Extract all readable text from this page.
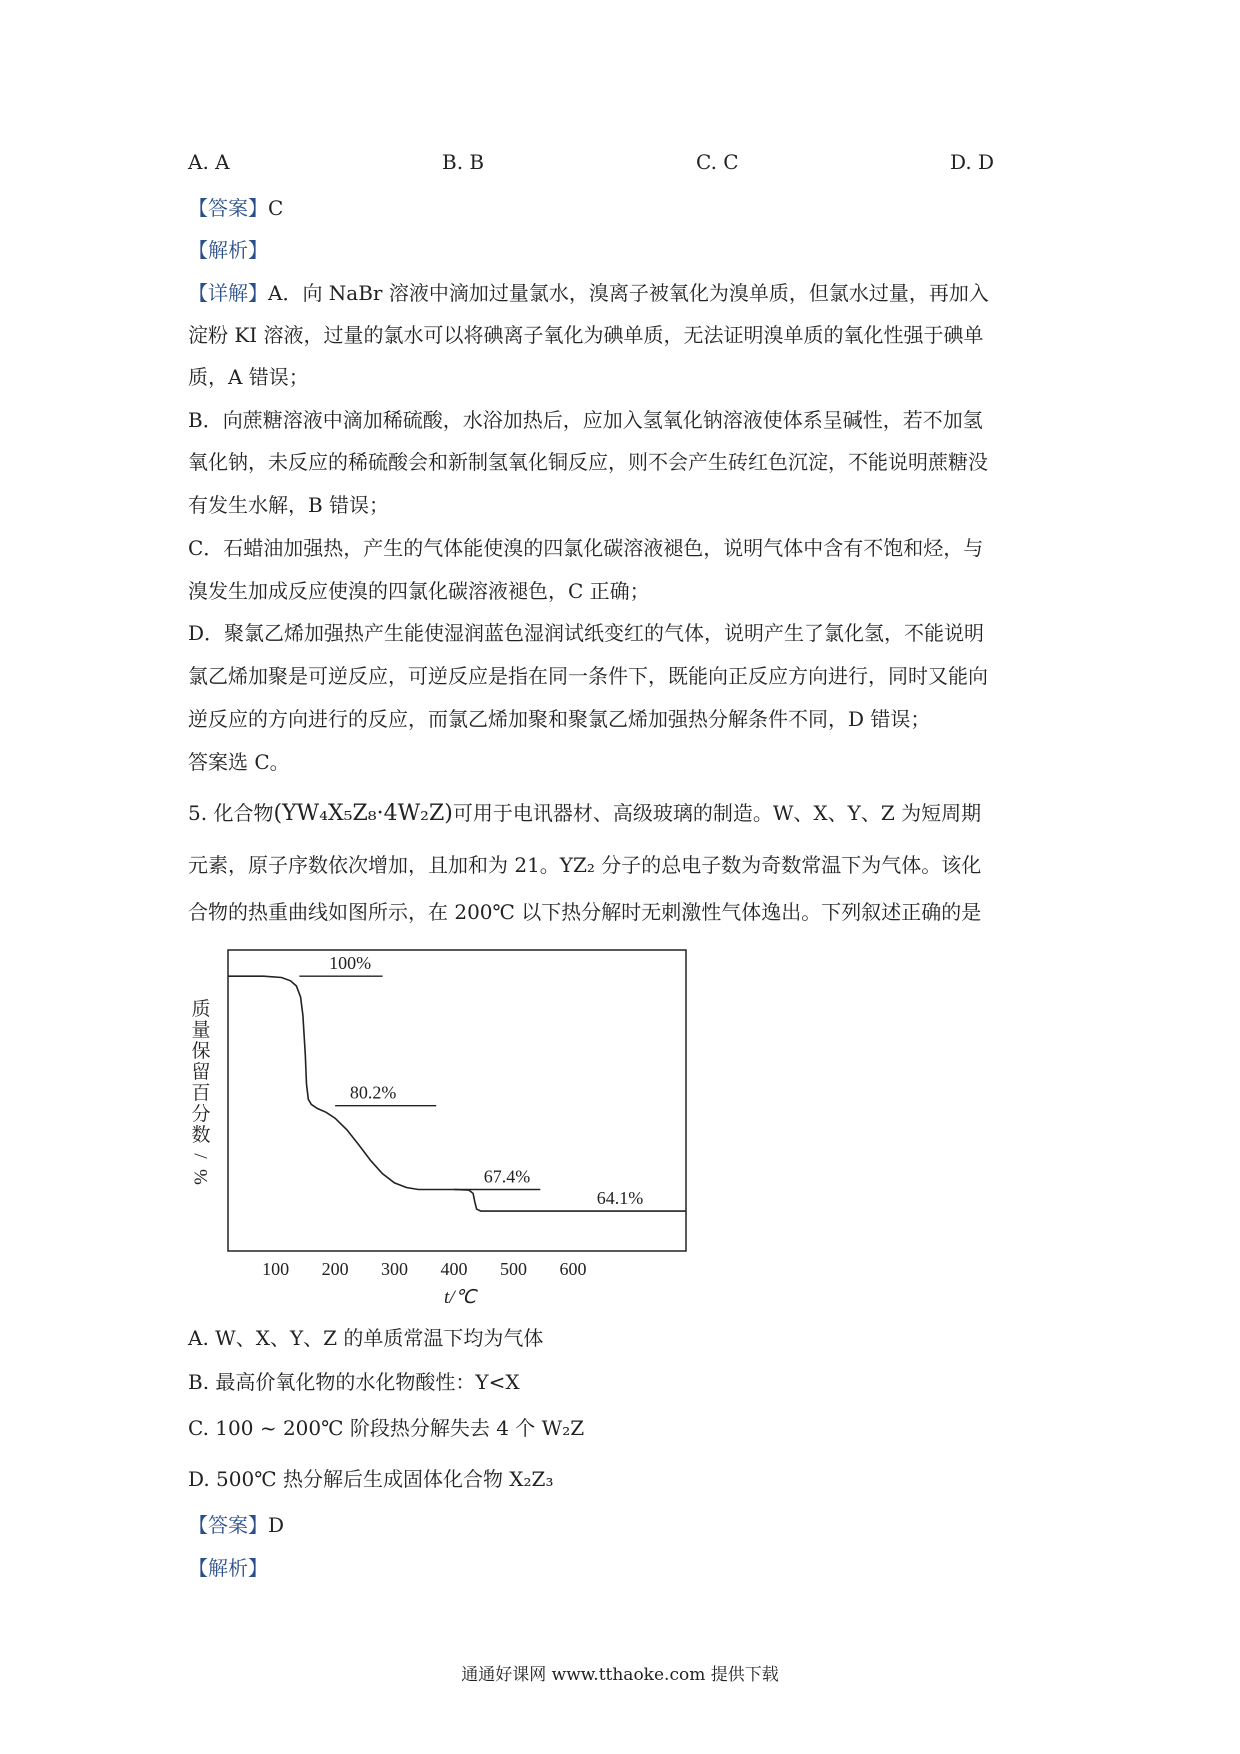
A. A	B. B	C. C	D. D
【答案】C
【解析】
【详解】A．向 NaBr 溶液中滴加过量氯水，溴离子被氧化为溴单质，但氯水过量，再加入
淀粉 KI 溶液，过量的氯水可以将碘离子氧化为碘单质，无法证明溴单质的氧化性强于碘单
质，A 错误；
B．向蔗糖溶液中滴加稀硫酸，水浴加热后，应加入氢氧化钠溶液使体系呈碱性，若不加氢
氧化钠，未反应的稀硫酸会和新制氢氧化铜反应，则不会产生砖红色沉淀，不能说明蔗糖没
有发生水解，B 错误；
C．石蜡油加强热，产生的气体能使溴的四氯化碳溶液褪色，说明气体中含有不饱和烃，与
溴发生加成反应使溴的四氯化碳溶液褪色，C 正确；
D．聚氯乙烯加强热产生能使湿润蓝色湿润试纸变红的气体，说明产生了氯化氢，不能说明
氯乙烯加聚是可逆反应，可逆反应是指在同一条件下，既能向正反应方向进行，同时又能向
逆反应的方向进行的反应，而氯乙烯加聚和聚氯乙烯加强热分解条件不同，D 错误；
答案选 C。
5. 化合物(YW₄X₅Z₈·4W₂Z)可用于电讯器材、高级玻璃的制造。W、X、Y、Z 为短周期
元素，原子序数依次增加，且加和为 21。YZ₂ 分子的总电子数为奇数常温下为气体。该化
合物的热重曲线如图所示，在 200℃ 以下热分解时无刺激性气体逸出。下列叙述正确的是
质
量
保
留
百
分
数
/
%
t/℃
100 200 300 400 500 600
100%
80.2%
67.4%
64.1%
A. W、X、Y、Z 的单质常温下均为气体
B. 最高价氧化物的水化物酸性：Y<X
C. 100 ~ 200℃ 阶段热分解失去 4 个 W₂Z
D. 500℃ 热分解后生成固体化合物 X₂Z₃
【答案】D
【解析】
通通好课网 www.tthaoke.com 提供下载
